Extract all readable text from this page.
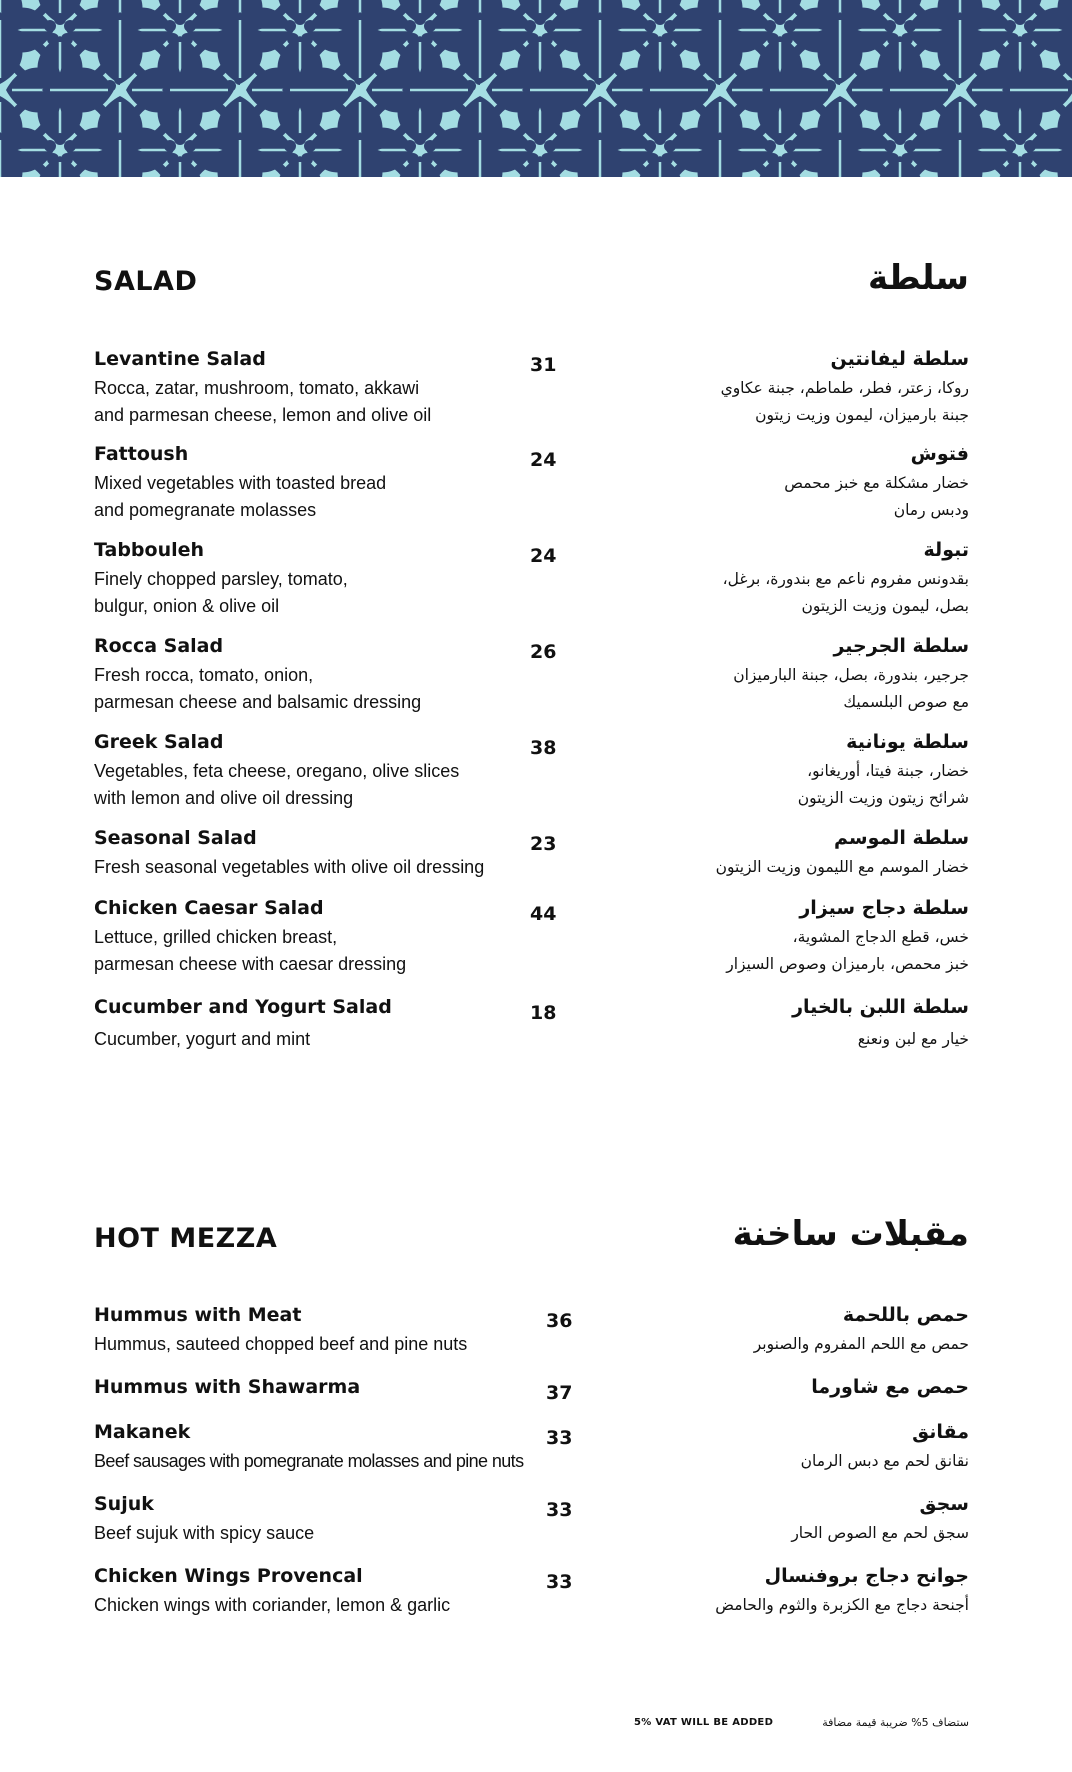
SALAD	سلطة
Levantine Salad
Rocca, zatar, mushroom, tomato, akkawi
and parmesan cheese, lemon and olive oil
31	سلطة ليفانتين
روكا، زعتر، فطر، طماطم، جبنة عكاوي
جبنة بارميزان، ليمون وزيت زيتون
Fattoush
Mixed vegetables with toasted bread
and pomegranate molasses
24	فتوش
خضار مشكلة مع خبز محمص
ودبس رمان
Tabbouleh
Finely chopped parsley, tomato,
bulgur, onion & olive oil
24	تبولة
بقدونس مفروم ناعم مع بندورة، برغل،
بصل، ليمون وزيت الزيتون
Rocca Salad
Fresh rocca, tomato, onion,
parmesan cheese and balsamic dressing
26	سلطة الجرجير
جرجير، بندورة، بصل، جبنة البارميزان
مع صوص البلسميك
Greek Salad
Vegetables, feta cheese, oregano, olive slices
with lemon and olive oil dressing
38	سلطة يونانية
خضار، جبنة فيتا، أوريغانو،
شرائح زيتون وزيت الزيتون
Seasonal Salad
Fresh seasonal vegetables with olive oil dressing
23	سلطة الموسم
خضار الموسم مع الليمون وزيت الزيتون
Chicken Caesar Salad
Lettuce, grilled chicken breast,
parmesan cheese with caesar dressing
44	سلطة دجاج سيزار
خس، قطع الدجاج المشوية،
خبز محمص، بارميزان وصوص السيزار
Cucumber and Yogurt Salad
Cucumber, yogurt and mint
18	سلطة اللبن بالخيار
خيار مع لبن ونعنع
HOT MEZZA	مقبلات ساخنة
Hummus with Meat
Hummus, sauteed chopped beef and pine nuts
36	حمص باللحمة
حمص مع اللحم المفروم والصنوبر
Hummus with Shawarma	37	حمص مع شاورما
Makanek
Beef sausages with pomegranate molasses and pine nuts
33	مقانق
نقانق لحم مع دبس الرمان
Sujuk
Beef sujuk with spicy sauce
33	سجق
سجق لحم مع الصوص الحار
Chicken Wings Provencal
Chicken wings with coriander, lemon & garlic
33	جوانح دجاج بروفنسال
أجنحة دجاج مع الكزبرة والثوم والحامض
5% VAT WILL BE ADDED	ستضاف 5% ضريبة قيمة مضافة
